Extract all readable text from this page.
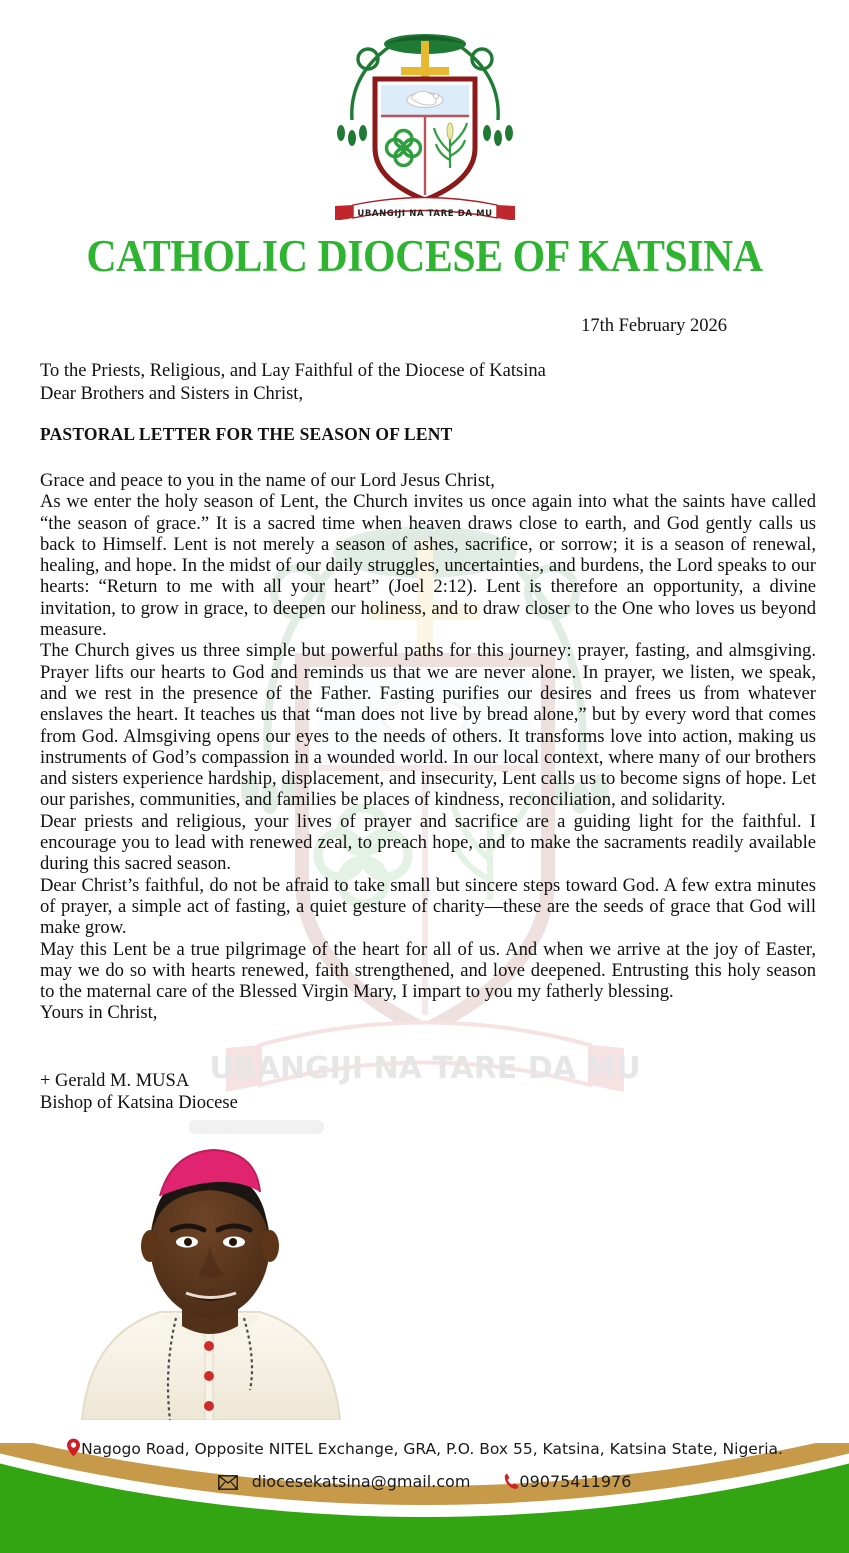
UBANGIJI NA TARE DA MU
UBANGIJI NA TARE DA MU
CATHOLIC DIOCESE OF KATSINA
17th February 2026
To the Priests, Religious, and Lay Faithful of the Diocese of Katsina
Dear Brothers and Sisters in Christ,
PASTORAL LETTER FOR THE SEASON OF LENT

Grace and peace to you in the name of our Lord Jesus Christ,

As we enter the holy season of Lent, the Church invites us once again into what the saints have called “the season of grace.” It is a sacred time when heaven draws close to earth, and God gently calls us back to Himself. Lent is not merely a season of ashes, sacrifice, or sorrow; it is a season of renewal, healing, and hope. In the midst of our daily struggles, uncertainties, and burdens, the Lord speaks to our hearts: “Return to me with all your heart” (Joel 2:12). Lent is therefore an opportunity, a divine invitation, to grow in grace, to deepen our holiness, and to draw closer to the One who loves us beyond measure.

The Church gives us three simple but powerful paths for this journey: prayer, fasting, and almsgiving. Prayer lifts our hearts to God and reminds us that we are never alone. In prayer, we listen, we speak, and we rest in the presence of the Father. Fasting purifies our desires and frees us from whatever enslaves the heart. It teaches us that “man does not live by bread alone,” but by every word that comes from God. Almsgiving opens our eyes to the needs of others. It transforms love into action, making us instruments of God’s compassion in a wounded world. In our local context, where many of our brothers and sisters experience hardship, displacement, and insecurity, Lent calls us to become signs of hope. Let our parishes, communities, and families be places of kindness, reconciliation, and solidarity.

Dear priests and religious, your lives of prayer and sacrifice are a guiding light for the faithful. I encourage you to lead with renewed zeal, to preach hope, and to make the sacraments readily available during this sacred season.

Dear Christ’s faithful, do not be afraid to take small but sincere steps toward God. A few extra minutes of prayer, a simple act of fasting, a quiet gesture of charity—these are the seeds of grace that God will make grow.

May this Lent be a true pilgrimage of the heart for all of us. And when we arrive at the joy of Easter, may we do so with hearts renewed, faith strengthened, and love deepened. Entrusting this holy season to the maternal care of the Blessed Virgin Mary, I impart to you my fatherly blessing.

Yours in Christ,

+ Gerald M. MUSA
Bishop of Katsina Diocese
Nagogo Road, Opposite NITEL Exchange, GRA, P.O. Box 55, Katsina, Katsina State, Nigeria.
diocesekatsina@gmail.com	09075411976
